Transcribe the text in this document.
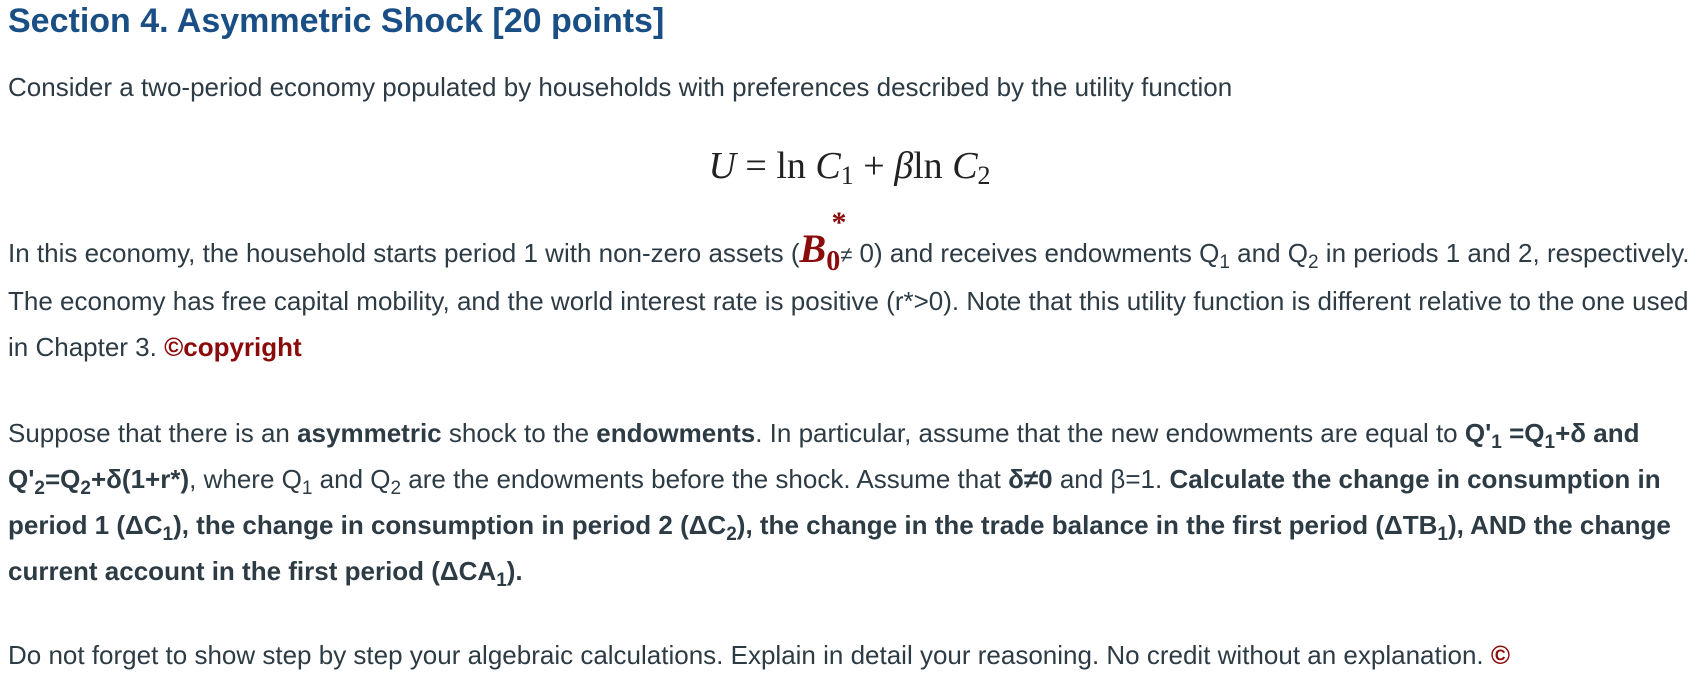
Section 4. Asymmetric Shock [20 points]

Consider a two-period economy populated by households with preferences described by the utility function

$U = \ln C_1 + \beta\ln$ $C_2$

In this economy, the household starts period 1 with non-zero assets (B
*
$_0$≠ 0) and receives endowments $Q_1$ and $Q_2$ in periods 1 and 2, respectively. The economy has free capital mobility, and the world interest rate is positive (r*>0). Note that this utility function is different relative to the one used in Chapter 3. ©copyright

Suppose that there is an asymmetric shock to the endowments. In particular, assume that the new endowments are equal to $Q'_1 =Q_1+\delta$ and $Q'_2=Q_2+\delta(1+r*)$, where $Q_1$ and $Q_2$ are the endowments before the shock. Assume that δ≠0 and β=1. Calculate the change in consumption in period 1 $(\Delta C_1)$, the change in consumption in period 2 $(\Delta C_2)$, the change in the trade balance in the first period $(\Delta TB_1)$, AND the change current account in the first period $(\Delta CA_1)$.

Do not forget to show step by step your algebraic calculations. Explain in detail your reasoning. No credit without an explanation. ©
